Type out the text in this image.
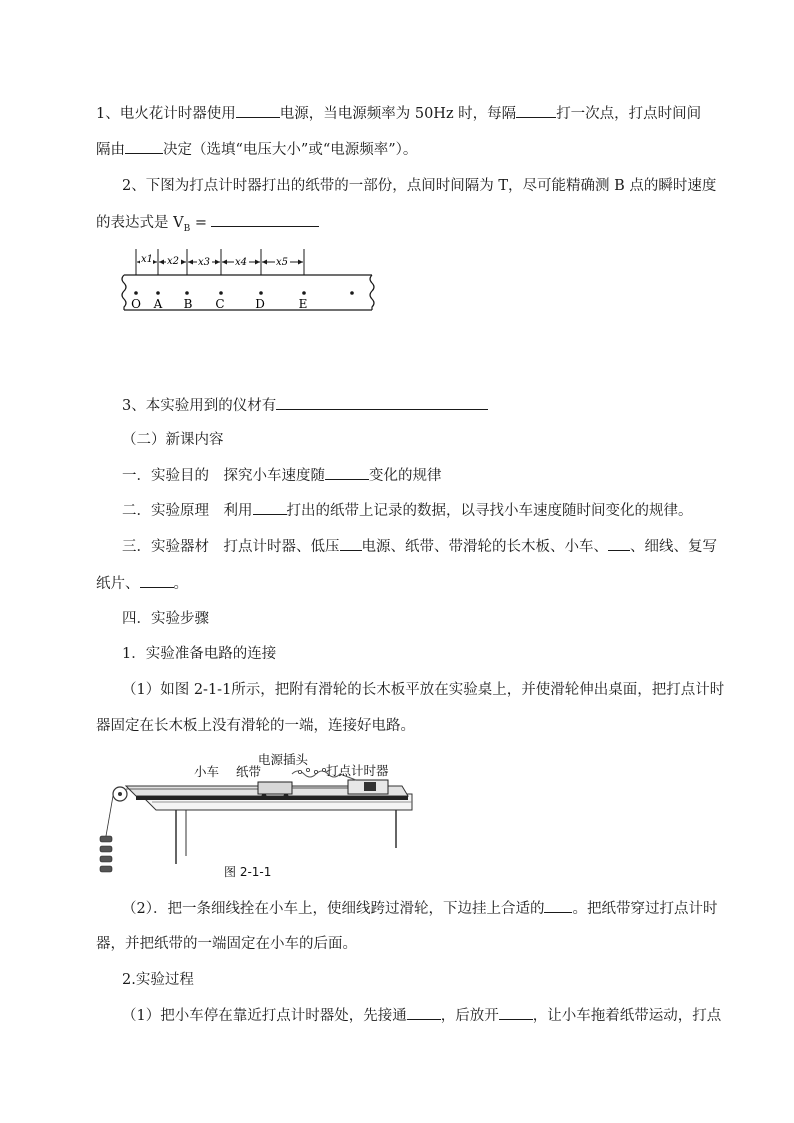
1、电火花计时器使用	电源，当电源频率为 50Hz 时，每隔	打一次点，打点时间间
隔由	决定（选填“电压大小”或“电源频率”）。
2、下图为打点计时器打出的纸带的一部份，点间时间隔为 T，尽可能精确测 B 点的瞬时速度
的表达式是 $V_B$ =
x1 x2 x3 x4	x5
O A B C	D	E
3、本实验用到的仪材有
（二）新课内容
一．实验目的　探究小车速度随	变化的规律
二．实验原理　利用 打出的纸带上记录的数据，以寻找小车速度随时间变化的规律。
三．实验器材　打点计时器、低压 电源、纸带、带滑轮的长木板、小车、 、细线、复写
纸片、 。
四．实验步骤
1．实验准备电路的连接
（1）如图 2-1-1所示，把附有滑轮的长木板平放在实验桌上，并使滑轮伸出桌面，把打点计时
器固定在长木板上没有滑轮的一端，连接好电路。
电源插头
小车 纸带	打点计时器
图 2-1-1
（2）．把一条细线拴在小车上，使细线跨过滑轮，下边挂上合适的 。把纸带穿过打点计时
器，并把纸带的一端固定在小车的后面。
2.实验过程
（1）把小车停在靠近打点计时器处，先接通 ，后放开 ，让小车拖着纸带运动，打点
